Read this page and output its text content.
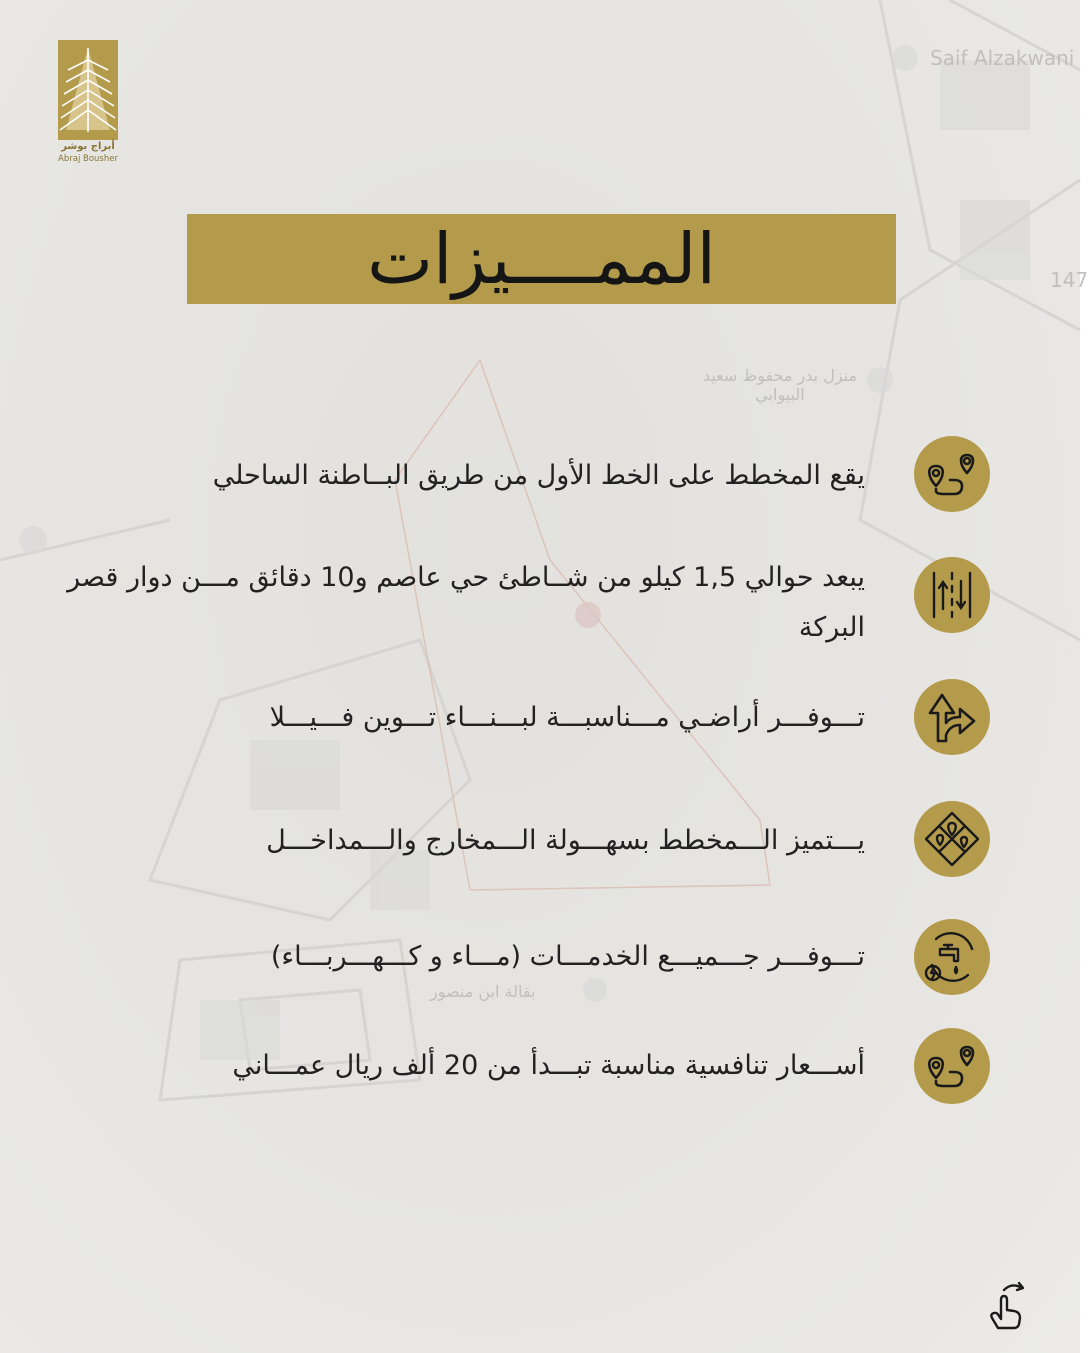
Saif Alzakwani
منزل بدر محفوظ سعيد البيوابي
بقالة ابن منصور
147
أبراج بوشر
Abraj Bousher
الممــــيزات
يقع المخطط على الخط الأول من طريق البــاطنة الساحلي
يبعد حوالي 1,5 كيلو من شــاطئ حي عاصم و10 دقائق مـــن دوار قصر البركة
تـــوفـــر أراضـي مـــناسبـــة لبـــنـــاء تـــوين فـــيـــلا
يـــتميز الـــمخطط بسهـــولة الـــمخارج والـــمداخـــل
تـــوفـــر جـــميـــع الخدمـــات (مـــاء و كـــهـــربـــاء)
أســـعار تنافسية مناسبة تبـــدأ من 20 ألف ريال عمـــاني
